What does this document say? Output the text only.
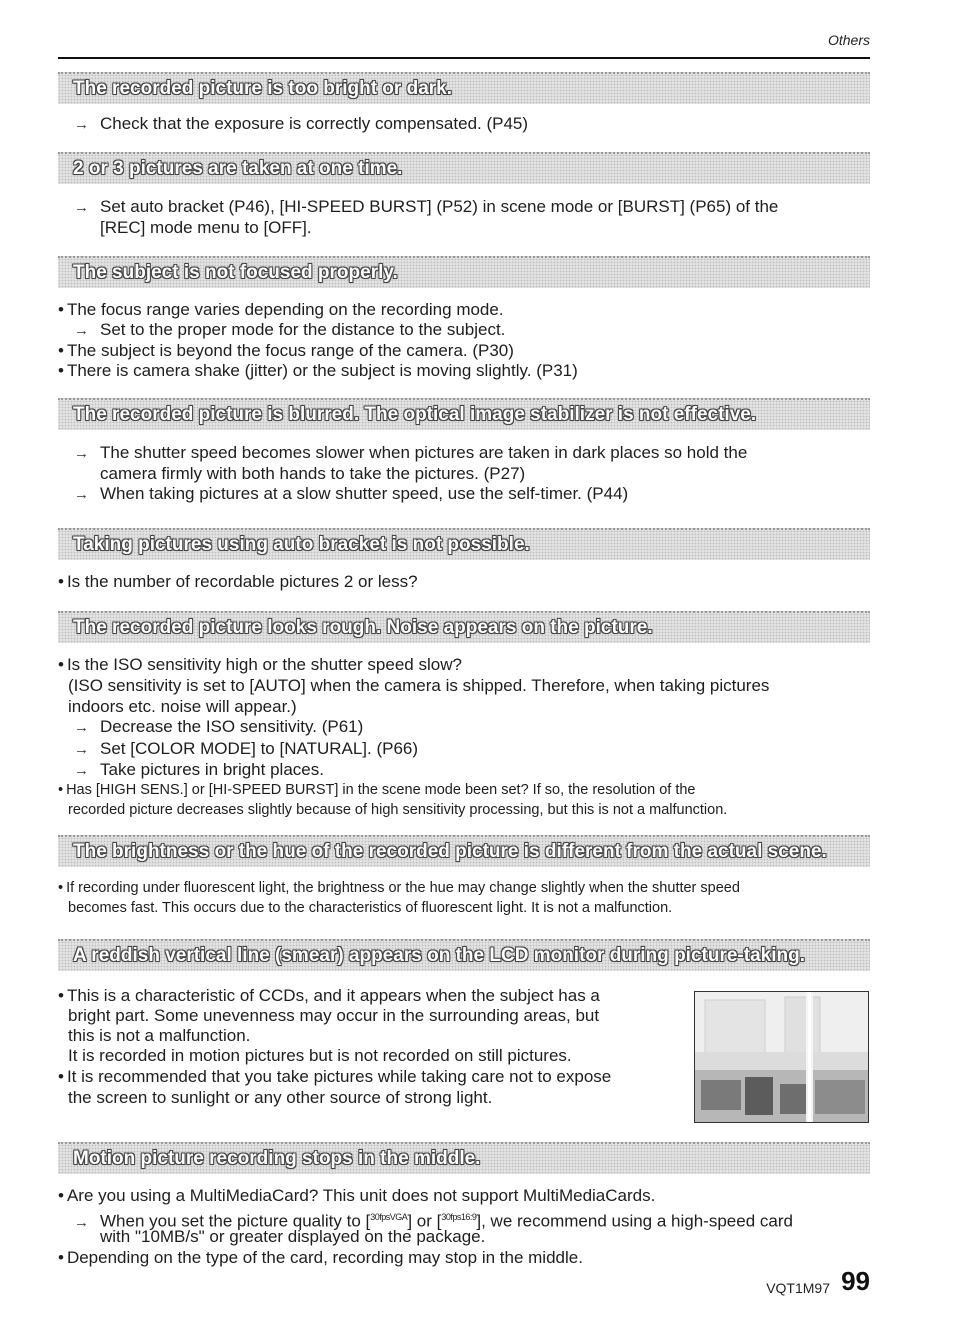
Others
The recorded picture is too bright or dark.
→ Check that the exposure is correctly compensated. (P45)
2 or 3 pictures are taken at one time.
→ Set auto bracket (P46), [HI-SPEED BURST] (P52) in scene mode or [BURST] (P65) of the
[REC] mode menu to [OFF].
The subject is not focused properly.
• The focus range varies depending on the recording mode.
→ Set to the proper mode for the distance to the subject.
• The subject is beyond the focus range of the camera. (P30)
• There is camera shake (jitter) or the subject is moving slightly. (P31)
The recorded picture is blurred. The optical image stabilizer is not effective.
→ The shutter speed becomes slower when pictures are taken in dark places so hold the
camera firmly with both hands to take the pictures. (P27)
→ When taking pictures at a slow shutter speed, use the self-timer. (P44)
Taking pictures using auto bracket is not possible.
• Is the number of recordable pictures 2 or less?
The recorded picture looks rough. Noise appears on the picture.
• Is the ISO sensitivity high or the shutter speed slow?
(ISO sensitivity is set to [AUTO] when the camera is shipped. Therefore, when taking pictures
indoors etc. noise will appear.)
→ Decrease the ISO sensitivity. (P61)
→ Set [COLOR MODE] to [NATURAL]. (P66)
→ Take pictures in bright places.
• Has [HIGH SENS.] or [HI-SPEED BURST] in the scene mode been set? If so, the resolution of the
recorded picture decreases slightly because of high sensitivity processing, but this is not a malfunction.
The brightness or the hue of the recorded picture is different from the actual scene.
• If recording under fluorescent light, the brightness or the hue may change slightly when the shutter speed
becomes fast. This occurs due to the characteristics of fluorescent light. It is not a malfunction.
A reddish vertical line (smear) appears on the LCD monitor during picture-taking.
• This is a characteristic of CCDs, and it appears when the subject has a
bright part. Some unevenness may occur in the surrounding areas, but
this is not a malfunction.
It is recorded in motion pictures but is not recorded on still pictures.
• It is recommended that you take pictures while taking care not to expose
the screen to sunlight or any other source of strong light.
Motion picture recording stops in the middle.
• Are you using a MultiMediaCard? This unit does not support MultiMediaCards.
→ When you set the picture quality to [$^{30fpsVGA}$] or [$^{30fps16:9}$], we recommend using a high-speed card
with "10MB/s" or greater displayed on the package.
• Depending on the type of the card, recording may stop in the middle.
VQT1M97 99
